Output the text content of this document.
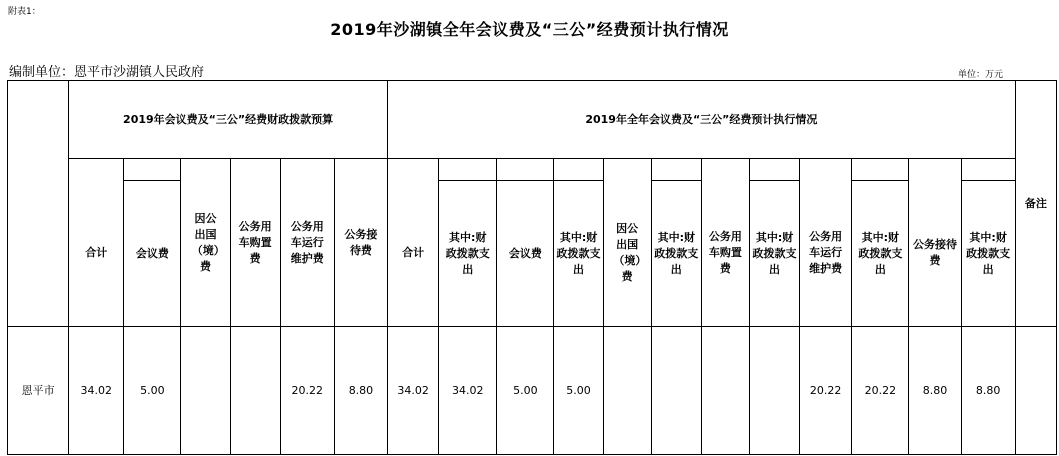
附表1：
2019年沙湖镇全年会议费及“三公”经费预计执行情况
编制单位：恩平市沙湖镇人民政府	单位：万元
	2019年会议费及“三公”经费财政拨款预算						2019年全年会议费及“三公”经费预计执行情况												备注
			因公出国（境）费	公务用车购置费	公务用车运行维护费	公务接待费													
	合计	会议费					合计	其中:财政拨款支出	会议费	其中:财政拨款支出	因公出国（境）费	其中:财政拨款支出	公务用车购置费	其中:财政拨款支出	公务用车运行维护费	其中:财政拨款支出	公务接待费	其中:财政拨款支出	
恩平市	34.02	5.00			20.22	8.80	34.02	34.02	5.00	5.00					20.22	20.22	8.80	8.80	
